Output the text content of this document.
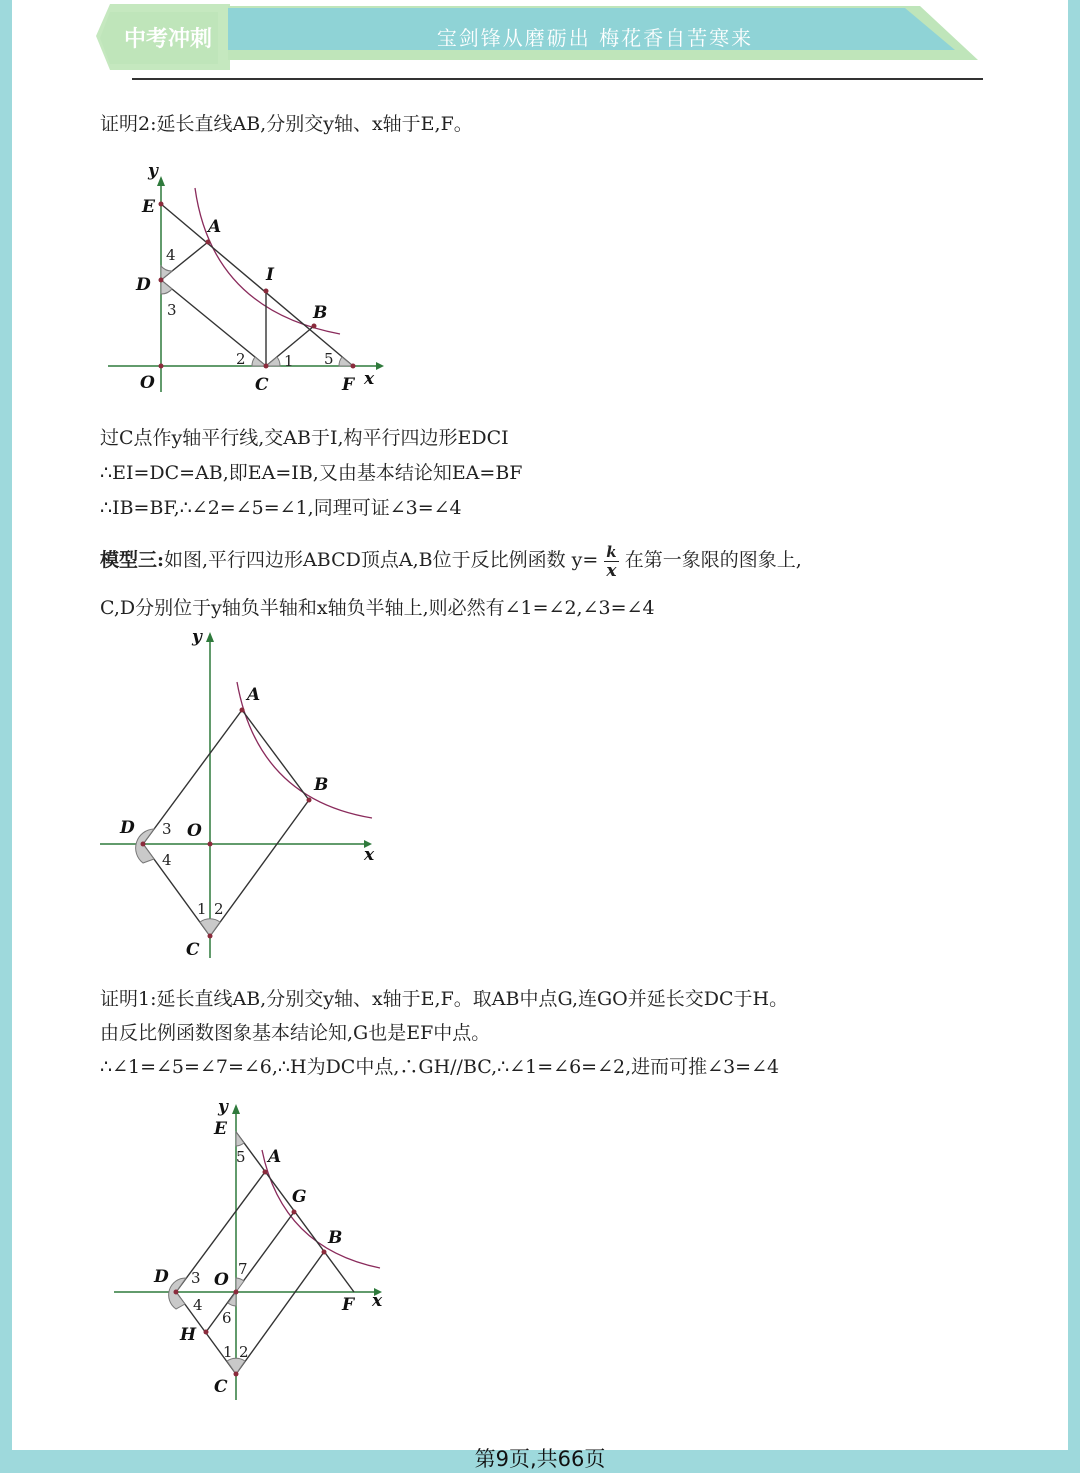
中考冲刺	宝剑锋从磨砺出 梅花香自苦寒来
证明2:延长直线AB,分别交y轴、x轴于E,F。
y
x
E
A
D	I
B
O	C	F
4
3
2	1 5
过C点作y轴平行线,交AB于I,构平行四边形EDCI
∴EI=DC=AB,即EA=IB,又由基本结论知EA=BF
∴IB=BF,∴∠2=∠5=∠1,同理可证∠3=∠4
模型三:如图,平行四边形ABCD顶点A,B位于反比例函数 $y= \frac{k}{x}$ 在第一象限的图象上,
C,D分别位于y轴负半轴和x轴负半轴上,则必然有∠1=∠2,∠3=∠4
y
x
A
B
D	O
C
3
4
1 2
证明1:延长直线AB,分别交y轴、x轴于E,F。取AB中点G,连GO并延长交DC于H。
由反比例函数图象基本结论知,G也是EF中点。
∴∠1=∠5=∠7=∠6,∴H为DC中点,∴GH//BC,∴∠1=∠6=∠2,进而可推∠3=∠4
y
x
E
A
G
B
D	O
F
H
C
5
3 7
4
6
1 2
第9页,共66页
